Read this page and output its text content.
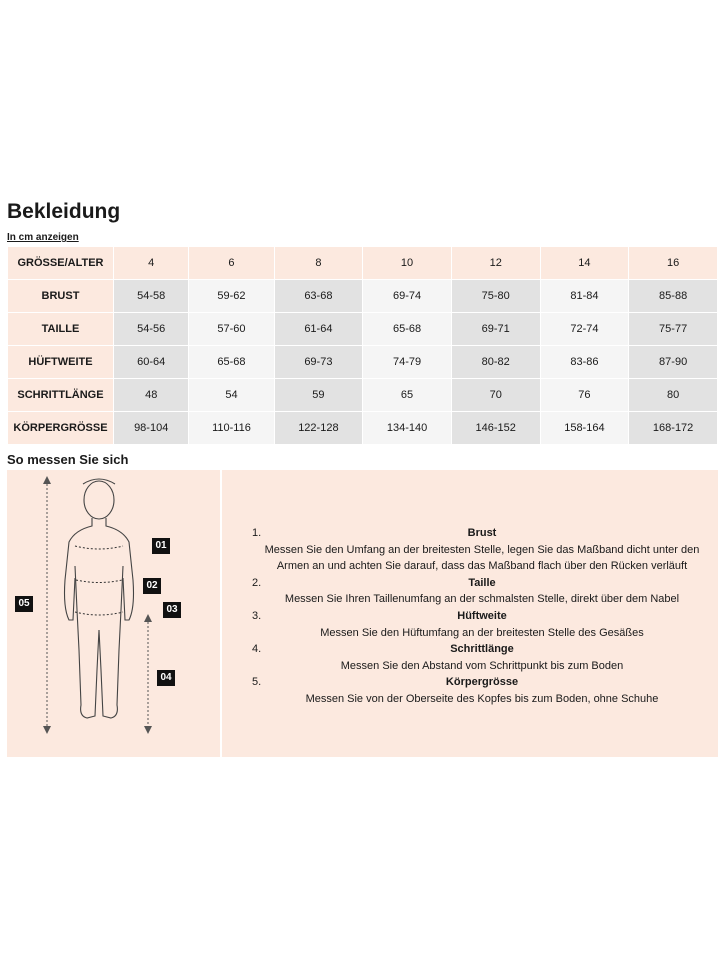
Bekleidung
In cm anzeigen
GRÖSSE/ALTER	4	6	8	10	12	14	16
BRUST	54-58	59-62	63-68	69-74	75-80	81-84	85-88
TAILLE	54-56	57-60	61-64	65-68	69-71	72-74	75-77
HÜFTWEITE	60-64	65-68	69-73	74-79	80-82	83-86	87-90
SCHRITTLÄNGE	48	54	59	65	70	76	80
KÖRPERGRÖSSE	98-104	110-116	122-128	134-140	146-152	158-164	168-172
So messen Sie sich
01
02
03
04
05
1.	Brust
Messen Sie den Umfang an der breitesten Stelle, legen Sie das Maßband dicht unter den Armen an und achten Sie darauf, dass das Maßband flach über den Rücken verläuft
2.	Taille
Messen Sie Ihren Taillenumfang an der schmalsten Stelle, direkt über dem Nabel
3.	Hüftweite
Messen Sie den Hüftumfang an der breitesten Stelle des Gesäßes
4.	Schrittlänge
Messen Sie den Abstand vom Schrittpunkt bis zum Boden
5.	Körpergrösse
Messen Sie von der Oberseite des Kopfes bis zum Boden, ohne Schuhe
